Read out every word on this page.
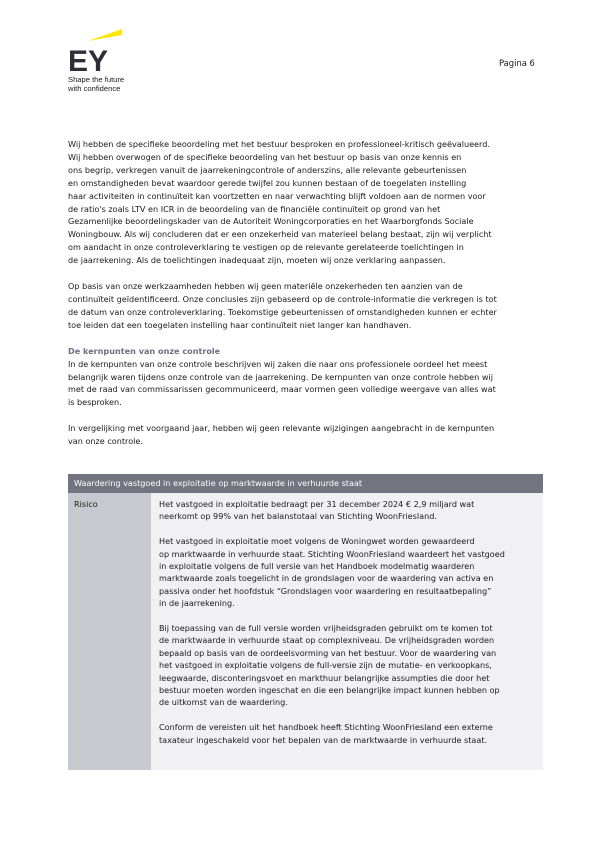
EY
Shape the future
with confidence
Pagina 6

Wij hebben de specifieke beoordeling met het bestuur besproken en professioneel-kritisch geëvalueerd.
Wij hebben overwogen of de specifieke beoordeling van het bestuur op basis van onze kennis en
ons begrip, verkregen vanuit de jaarrekeningcontrole of anderszins, alle relevante gebeurtenissen
en omstandigheden bevat waardoor gerede twijfel zou kunnen bestaan of de toegelaten instelling
haar activiteiten in continuïteit kan voortzetten en naar verwachting blijft voldoen aan de normen voor
de ratio's zoals LTV en ICR in de beoordeling van de financiële continuïteit op grond van het
Gezamenlijke beoordelingskader van de Autoriteit Woningcorporaties en het Waarborgfonds Sociale
Woningbouw. Als wij concluderen dat er een onzekerheid van materieel belang bestaat, zijn wij verplicht
om aandacht in onze controleverklaring te vestigen op de relevante gerelateerde toelichtingen in
de jaarrekening. Als de toelichtingen inadequaat zijn, moeten wij onze verklaring aanpassen.

Op basis van onze werkzaamheden hebben wij geen materiële onzekerheden ten aanzien van de
continuïteit geïdentificeerd. Onze conclusies zijn gebaseerd op de controle-informatie die verkregen is tot
de datum van onze controleverklaring. Toekomstige gebeurtenissen of omstandigheden kunnen er echter
toe leiden dat een toegelaten instelling haar continuïteit niet langer kan handhaven.

De kernpunten van onze controle

In de kernpunten van onze controle beschrijven wij zaken die naar ons professionele oordeel het meest
belangrijk waren tijdens onze controle van de jaarrekening. De kernpunten van onze controle hebben wij
met de raad van commissarissen gecommuniceerd, maar vormen geen volledige weergave van alles wat
is besproken.

In vergelijking met voorgaand jaar, hebben wij geen relevante wijzigingen aangebracht in de kernpunten
van onze controle.

Waardering vastgoed in exploitatie op marktwaarde in verhuurde staat
Risico	Het vastgoed in exploitatie bedraagt per 31 december 2024 € 2,9 miljard wat
neerkomt op 99% van het balanstotaal van Stichting WoonFriesland.

Het vastgoed in exploitatie moet volgens de Woningwet worden gewaardeerd
op marktwaarde in verhuurde staat. Stichting WoonFriesland waardeert het vastgoed
in exploitatie volgens de full versie van het Handboek modelmatig waarderen
marktwaarde zoals toegelicht in de grondslagen voor de waardering van activa en
passiva onder het hoofdstuk “Grondslagen voor waardering en resultaatbepaling”
in de jaarrekening.

Bij toepassing van de full versie worden vrijheidsgraden gebruikt om te komen tot
de marktwaarde in verhuurde staat op complexniveau. De vrijheidsgraden worden
bepaald op basis van de oordeelsvorming van het bestuur. Voor de waardering van
het vastgoed in exploitatie volgens de full-versie zijn de mutatie- en verkoopkans,
leegwaarde, disconteringsvoet en markthuur belangrijke assumpties die door het
bestuur moeten worden ingeschat en die een belangrijke impact kunnen hebben op
de uitkomst van de waardering.

Conform de vereisten uit het handboek heeft Stichting WoonFriesland een externe
taxateur ingeschakeld voor het bepalen van de marktwaarde in verhuurde staat.
